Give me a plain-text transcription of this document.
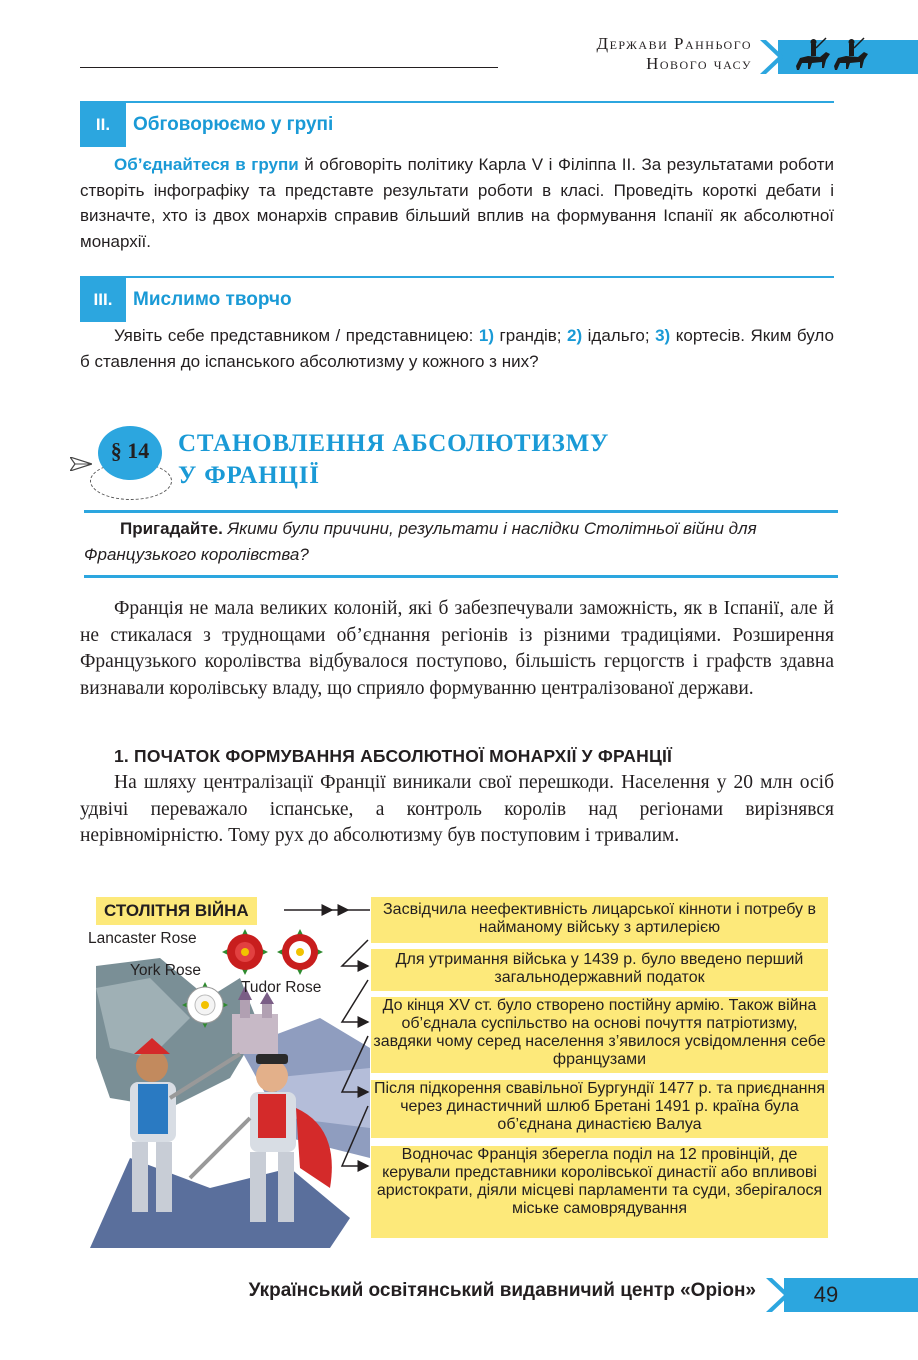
Держави Раннього
Нового часу
II.	Обговорюємо у групі

Об’єднайтеся в групи й обговоріть політику Карла V і Філіппа II. За результатами роботи створіть інфографіку та представте результати роботи в класі. Проведіть короткі дебати і визначте, хто із двох монархів справив більший вплив на формування Іспанії як абсолютної монархії.

III.	Мислимо творчо

Уявіть себе представником / представницею: 1) грандів; 2) ідальго; 3) кортесів. Яким було б ставлення до іспанського абсолютизму у кожного з них?

§ 14	СТАНОВЛЕННЯ АБСОЛЮТИЗМУ
У ФРАНЦІЇ

Пригадайте. Якими були причини, результати і наслідки Столітньої війни для Французького королівства?

Франція не мала великих колоній, які б забезпечували заможність, як в Іспанії, але й не стикалася з труднощами об’єднання регіонів із різними традиціями. Розширення Французького королівства відбувалося поступово, більшість герцогств і графств здавна визнавали королівську владу, що сприяло формуванню централізованої держави.

1. ПОЧАТОК ФОРМУВАННЯ АБСОЛЮТНОЇ МОНАРХІЇ У ФРАНЦІЇ

На шляху централізації Франції виникали свої перешкоди. Населення у 20 млн осіб удвічі переважало іспанське, а контроль королів над регіонами вирізнявся нерівномірністю. Тому рух до абсолютизму був поступовим і тривалим.

СТОЛІТНЯ ВІЙНА
Lancaster Rose
York Rose
Tudor Rose
Засвідчила неефективність лицарської кінноти і потребу в найманому війську з артилерією
Для утримання війська у 1439 р. було введено перший загальнодержавний податок
До кінця XV ст. було створено постійну армію. Також війна об’єднала суспільство на основі почуття патріотизму, завдяки чому серед населення з’явилося усвідомлення себе французами
Після підкорення свавільної Бургундії 1477 р. та приєднання через династичний шлюб Бретані 1491 р. країна була об’єднана династією Валуа
Водночас Франція зберегла поділ на 12 провінцій, де керували представники королівської династії або впливові аристократи, діяли місцеві парламенти та суди, зберігалося міське самоврядування
Український освітянський видавничий центр «Оріон»	49
